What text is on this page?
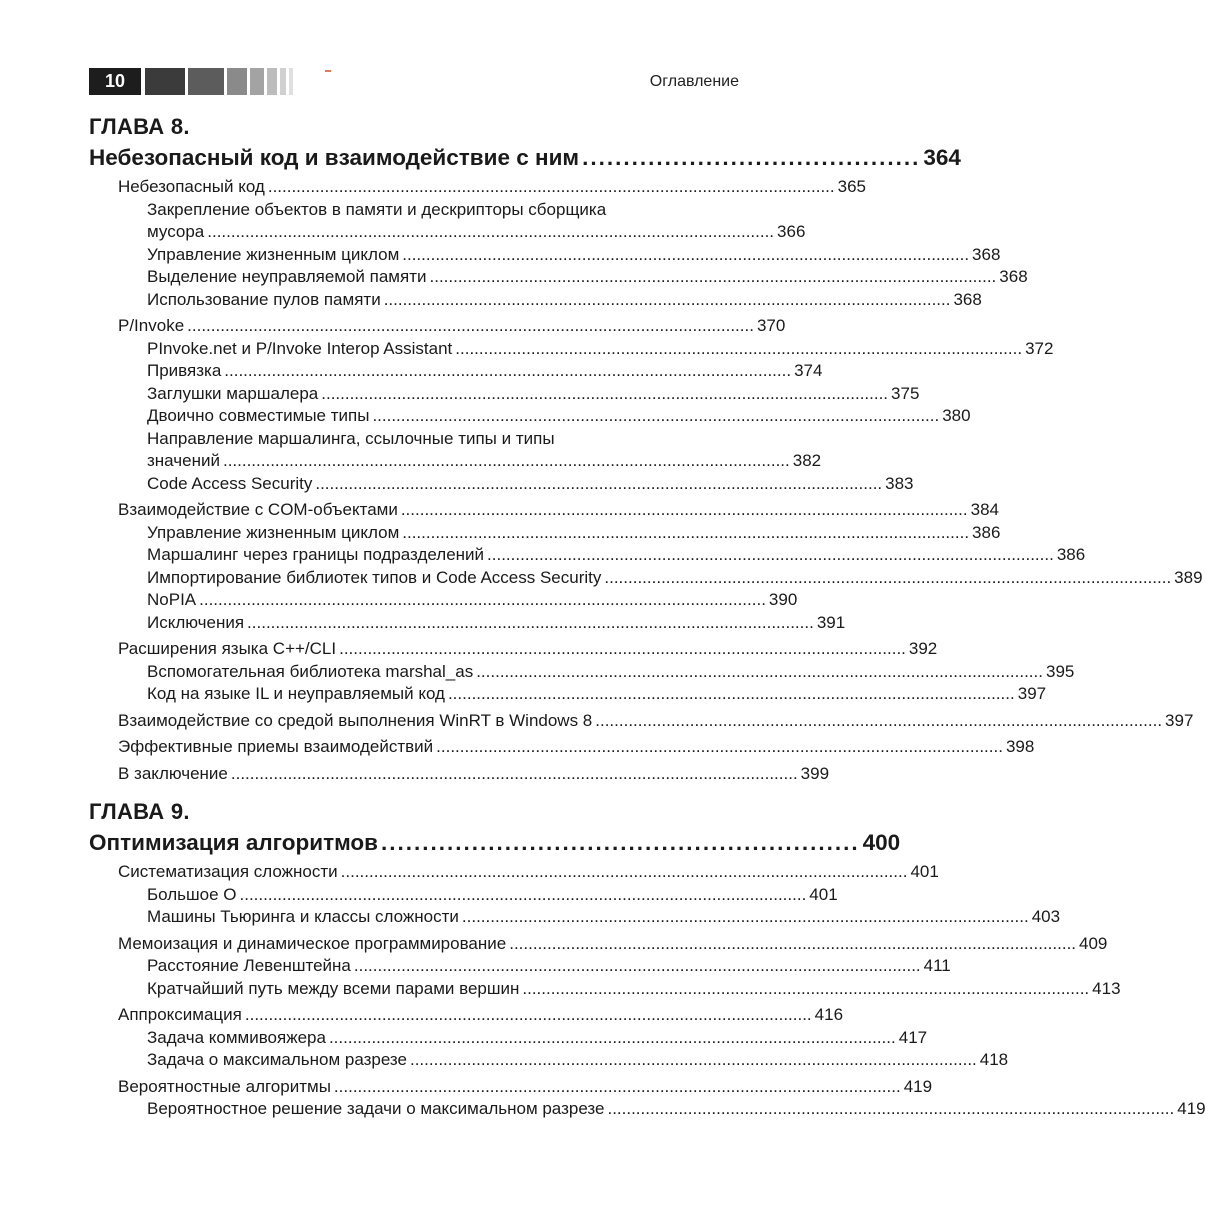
10	Оглавление
ГЛАВА 8.
Небезопасный код и взаимодействие с ним ......................................... 364
Небезопасный код ........................................................................................................................ 365
Закрепление объектов в памяти и дескрипторы сборщика
мусора ........................................................................................................................ 366
Управление жизненным циклом ........................................................................................................................ 368
Выделение неуправляемой памяти ........................................................................................................................ 368
Использование пулов памяти ........................................................................................................................ 368
P/Invoke ........................................................................................................................ 370
PInvoke.net и P/Invoke Interop Assistant ........................................................................................................................ 372
Привязка ........................................................................................................................ 374
Заглушки маршалера ........................................................................................................................ 375
Двоично совместимые типы ........................................................................................................................ 380
Направление маршалинга, ссылочные типы и типы
значений ........................................................................................................................ 382
Code Access Security ........................................................................................................................ 383
Взаимодействие с COM-объектами ........................................................................................................................ 384
Управление жизненным циклом ........................................................................................................................ 386
Маршалинг через границы подразделений ........................................................................................................................ 386
Импортирование библиотек типов и Code Access Security ........................................................................................................................ 389
NoPIA ........................................................................................................................ 390
Исключения ........................................................................................................................ 391
Расширения языка C++/CLI ........................................................................................................................ 392
Вспомогательная библиотека marshal_as ........................................................................................................................ 395
Код на языке IL и неуправляемый код ........................................................................................................................ 397
Взаимодействие со средой выполнения WinRT в Windows 8 ........................................................................................................................ 397
Эффективные приемы взаимодействий ........................................................................................................................ 398
В заключение ........................................................................................................................ 399
ГЛАВА 9.
Оптимизация алгоритмов .......................................................... 400
Систематизация сложности ........................................................................................................................ 401
Большое O ........................................................................................................................ 401
Машины Тьюринга и классы сложности ........................................................................................................................ 403
Мемоизация и динамическое программирование ........................................................................................................................ 409
Расстояние Левенштейна ........................................................................................................................ 411
Кратчайший путь между всеми парами вершин ........................................................................................................................ 413
Аппроксимация ........................................................................................................................ 416
Задача коммивояжера ........................................................................................................................ 417
Задача о максимальном разрезе ........................................................................................................................ 418
Вероятностные алгоритмы ........................................................................................................................ 419
Вероятностное решение задачи о максимальном разрезе ........................................................................................................................ 419
